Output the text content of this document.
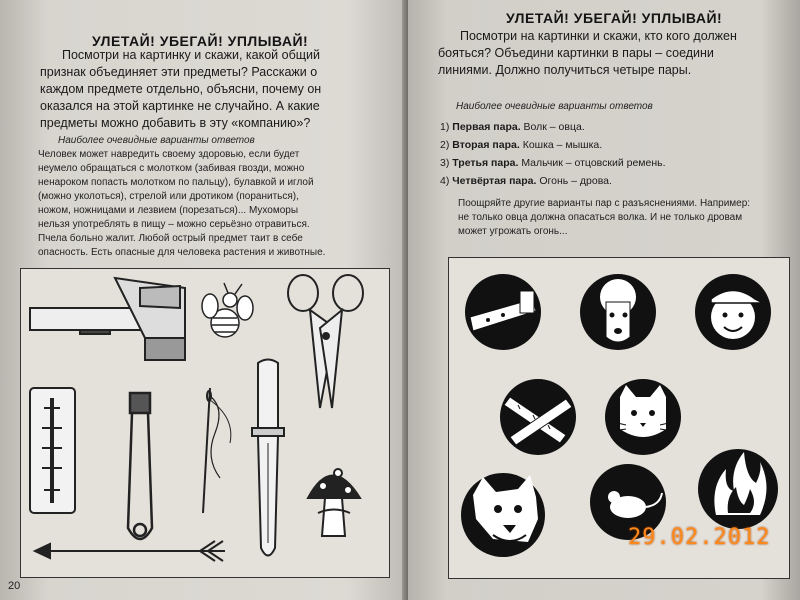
УЛЕТАЙ! УБЕГАЙ! УПЛЫВАЙ!
Посмотри на картинку и скажи, какой общий
признак объединяет эти предметы? Расскажи о
каждом предмете отдельно, объясни, почему он
оказался на этой картинке не случайно. А какие
предметы можно добавить в эту «компанию»?
Наиболее очевидные варианты ответов
Человек может навредить своему здоровью, если будет
неумело обращаться с молотком (забивая гвозди, можно
ненароком попасть молотком по пальцу), булавкой и иглой
(можно уколоться), стрелой или дротиком (пораниться),
ножом, ножницами и лезвием (порезаться)... Мухоморы
нельзя употреблять в пищу – можно серьёзно отравиться.
Пчела больно жалит. Любой острый предмет таит в себе
опасность. Есть опасные для человека растения и животные.
20
УЛЕТАЙ! УБЕГАЙ! УПЛЫВАЙ!
Посмотри на картинки и скажи, кто кого должен
бояться? Объедини картинки в пары – соедини
линиями. Должно получиться четыре пары.
Наиболее очевидные варианты ответов
Поощряйте другие варианты пар с разъяснениями. Например:
не только овца должна опасаться волка. И не только дровам
может угрожать огонь...
1) Первая пара. Волк – овца.
2) Вторая пара. Кошка – мышка.
3) Третья пара. Мальчик – отцовский ремень.
4) Четвёртая пара. Огонь – дрова.
29.02.2012
